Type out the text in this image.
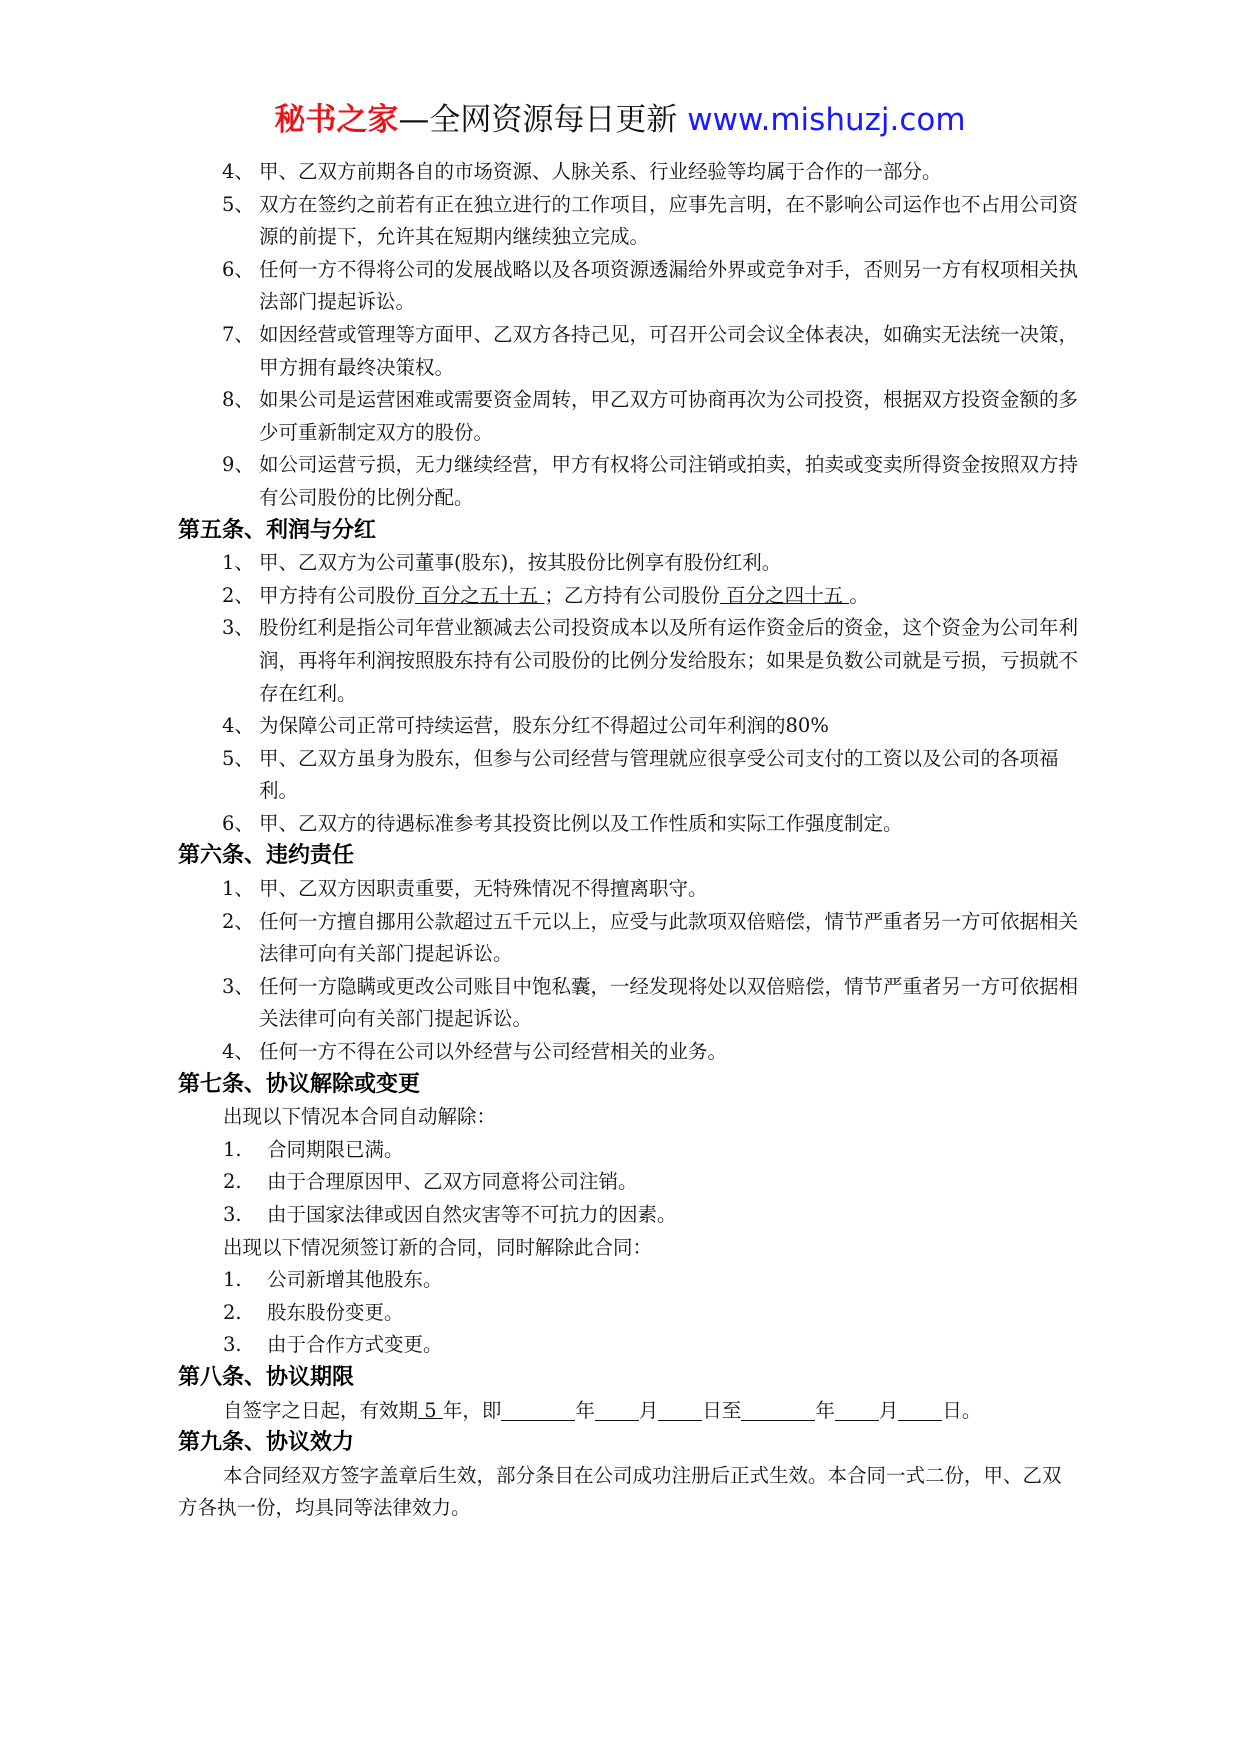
秘书之家—全网资源每日更新 www.mishuzj.com
4、 甲、乙双方前期各自的市场资源、人脉关系、行业经验等均属于合作的一部分。
5、 双方在签约之前若有正在独立进行的工作项目，应事先言明，在不影响公司运作也不占用公司资源的前提下，允许其在短期内继续独立完成。
6、 任何一方不得将公司的发展战略以及各项资源透漏给外界或竞争对手，否则另一方有权项相关执法部门提起诉讼。
7、 如因经营或管理等方面甲、乙双方各持己见，可召开公司会议全体表决，如确实无法统一决策，甲方拥有最终决策权。
8、 如果公司是运营困难或需要资金周转，甲乙双方可协商再次为公司投资，根据双方投资金额的多少可重新制定双方的股份。
9、 如公司运营亏损，无力继续经营，甲方有权将公司注销或拍卖，拍卖或变卖所得资金按照双方持有公司股份的比例分配。
第五条、利润与分红
1、 甲、乙双方为公司董事(股东)，按其股份比例享有股份红利。
2、 甲方持有公司股份 百分之五十五 ；乙方持有公司股份 百分之四十五 。
3、 股份红利是指公司年营业额减去公司投资成本以及所有运作资金后的资金，这个资金为公司年利润，再将年利润按照股东持有公司股份的比例分发给股东；如果是负数公司就是亏损，亏损就不存在红利。
4、 为保障公司正常可持续运营，股东分红不得超过公司年利润的80%
5、 甲、乙双方虽身为股东，但参与公司经营与管理就应很享受公司支付的工资以及公司的各项福利。
6、 甲、乙双方的待遇标准参考其投资比例以及工作性质和实际工作强度制定。
第六条、违约责任
1、 甲、乙双方因职责重要，无特殊情况不得擅离职守。
2、 任何一方擅自挪用公款超过五千元以上，应受与此款项双倍赔偿，情节严重者另一方可依据相关法律可向有关部门提起诉讼。
3、 任何一方隐瞒或更改公司账目中饱私囊，一经发现将处以双倍赔偿，情节严重者另一方可依据相关法律可向有关部门提起诉讼。
4、 任何一方不得在公司以外经营与公司经营相关的业务。
第七条、协议解除或变更
出现以下情况本合同自动解除：
1. 合同期限已满。
2. 由于合理原因甲、乙双方同意将公司注销。
3. 由于国家法律或因自然灾害等不可抗力的因素。
出现以下情况须签订新的合同，同时解除此合同：
1. 公司新增其他股东。
2. 股东股份变更。
3. 由于合作方式变更。
第八条、协议期限
自签字之日起，有效期 5 年，即	年 月 日至	年 月 日。
第九条、协议效力
本合同经双方签字盖章后生效，部分条目在公司成功注册后正式生效。本合同一式二份，甲、乙双方各执一份，均具同等法律效力。
